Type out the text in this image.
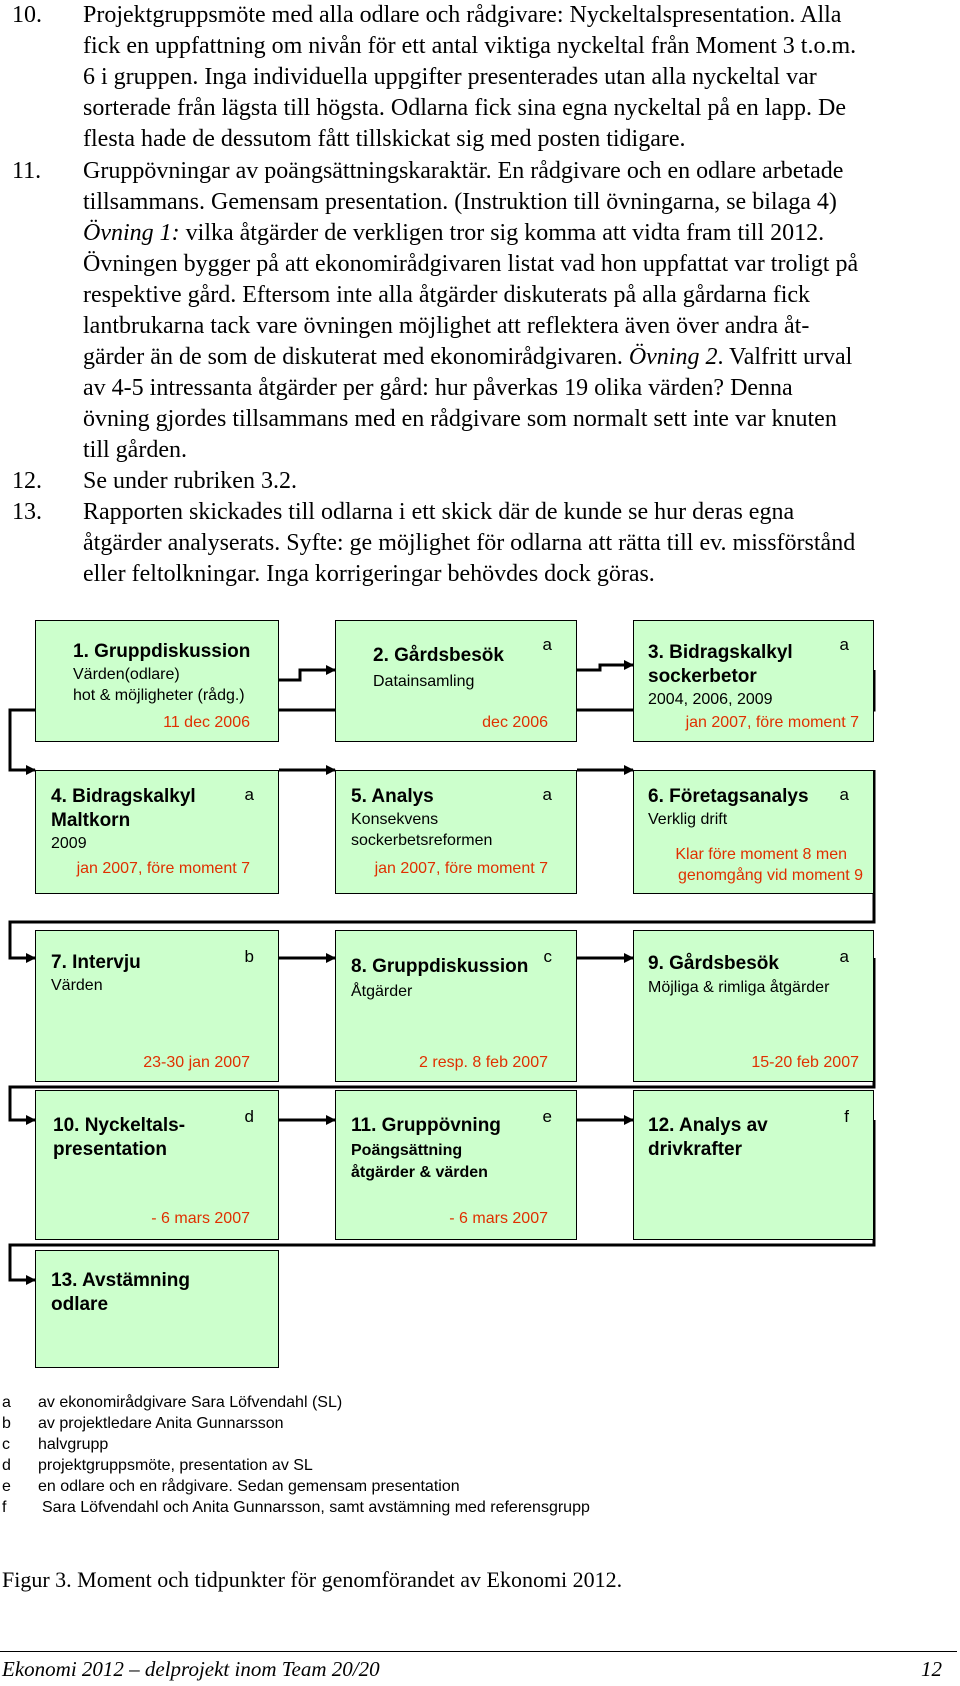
10. Projektgruppsmöte med alla odlare och rådgivare: Nyckeltalspresentation. Alla
fick en uppfattning om nivån för ett antal viktiga nyckeltal från Moment 3 t.o.m.
6 i gruppen. Inga individuella uppgifter presenterades utan alla nyckeltal var
sorterade från lägsta till högsta. Odlarna fick sina egna nyckeltal på en lapp. De
flesta hade de dessutom fått tillskickat sig med posten tidigare.
11. Gruppövningar av poängsättningskaraktär. En rådgivare och en odlare arbetade
tillsammans. Gemensam presentation. (Instruktion till övningarna, se bilaga 4)
Övning 1: vilka åtgärder de verkligen tror sig komma att vidta fram till 2012.
Övningen bygger på att ekonomirådgivaren listat vad hon uppfattat var troligt på
respektive gård. Eftersom inte alla åtgärder diskuterats på alla gårdarna fick
lantbrukarna tack vare övningen möjlighet att reflektera även över andra åt-
gärder än de som de diskuterat med ekonomirådgivaren. Övning 2. Valfritt urval
av 4-5 intressanta åtgärder per gård: hur påverkas 19 olika värden? Denna
övning gjordes tillsammans med en rådgivare som normalt sett inte var knuten
till gården.
12. Se under rubriken 3.2.
13. Rapporten skickades till odlarna i ett skick där de kunde se hur deras egna
åtgärder analyserats. Syfte: ge möjlighet för odlarna att rätta till ev. missförstånd
eller feltolkningar. Inga korrigeringar behövdes dock göras.
1. Gruppdiskussion
Värden(odlare)
hot & möjligheter (rådg.)
11 dec 2006
2. Gårdsbesök
Datainsamling
a
dec 2006
3. Bidragskalkyl
sockerbetor
2004, 2006, 2009
a
jan 2007, före moment 7
4. Bidragskalkyl
Maltkorn
2009
a
jan 2007, före moment 7
5. Analys
Konsekvens
sockerbetsreformen
a
jan 2007, före moment 7
6. Företagsanalys
Verklig drift
a
Klar före moment 8 men
genomgång vid moment 9
7. Intervju
Värden
b
23-30 jan 2007
8. Gruppdiskussion
Åtgärder
c
2 resp. 8 feb 2007
9. Gårdsbesök
Möjliga & rimliga åtgärder
a
15-20 feb 2007
10. Nyckeltals-
presentation
d
- 6 mars 2007
11. Gruppövning
Poängsättning
åtgärder & värden
e
- 6 mars 2007
12. Analys av
drivkrafter
f
13. Avstämning
odlare
a av ekonomirådgivare Sara Löfvendahl (SL)
b av projektledare Anita Gunnarsson
c halvgrupp
d projektgruppsmöte, presentation av SL
e en odlare och en rådgivare. Sedan gemensam presentation
f Sara Löfvendahl och Anita Gunnarsson, samt avstämning med referensgrupp
Figur 3. Moment och tidpunkter för genomförandet av Ekonomi 2012.
Ekonomi 2012 – delprojekt inom Team 20/20	12
